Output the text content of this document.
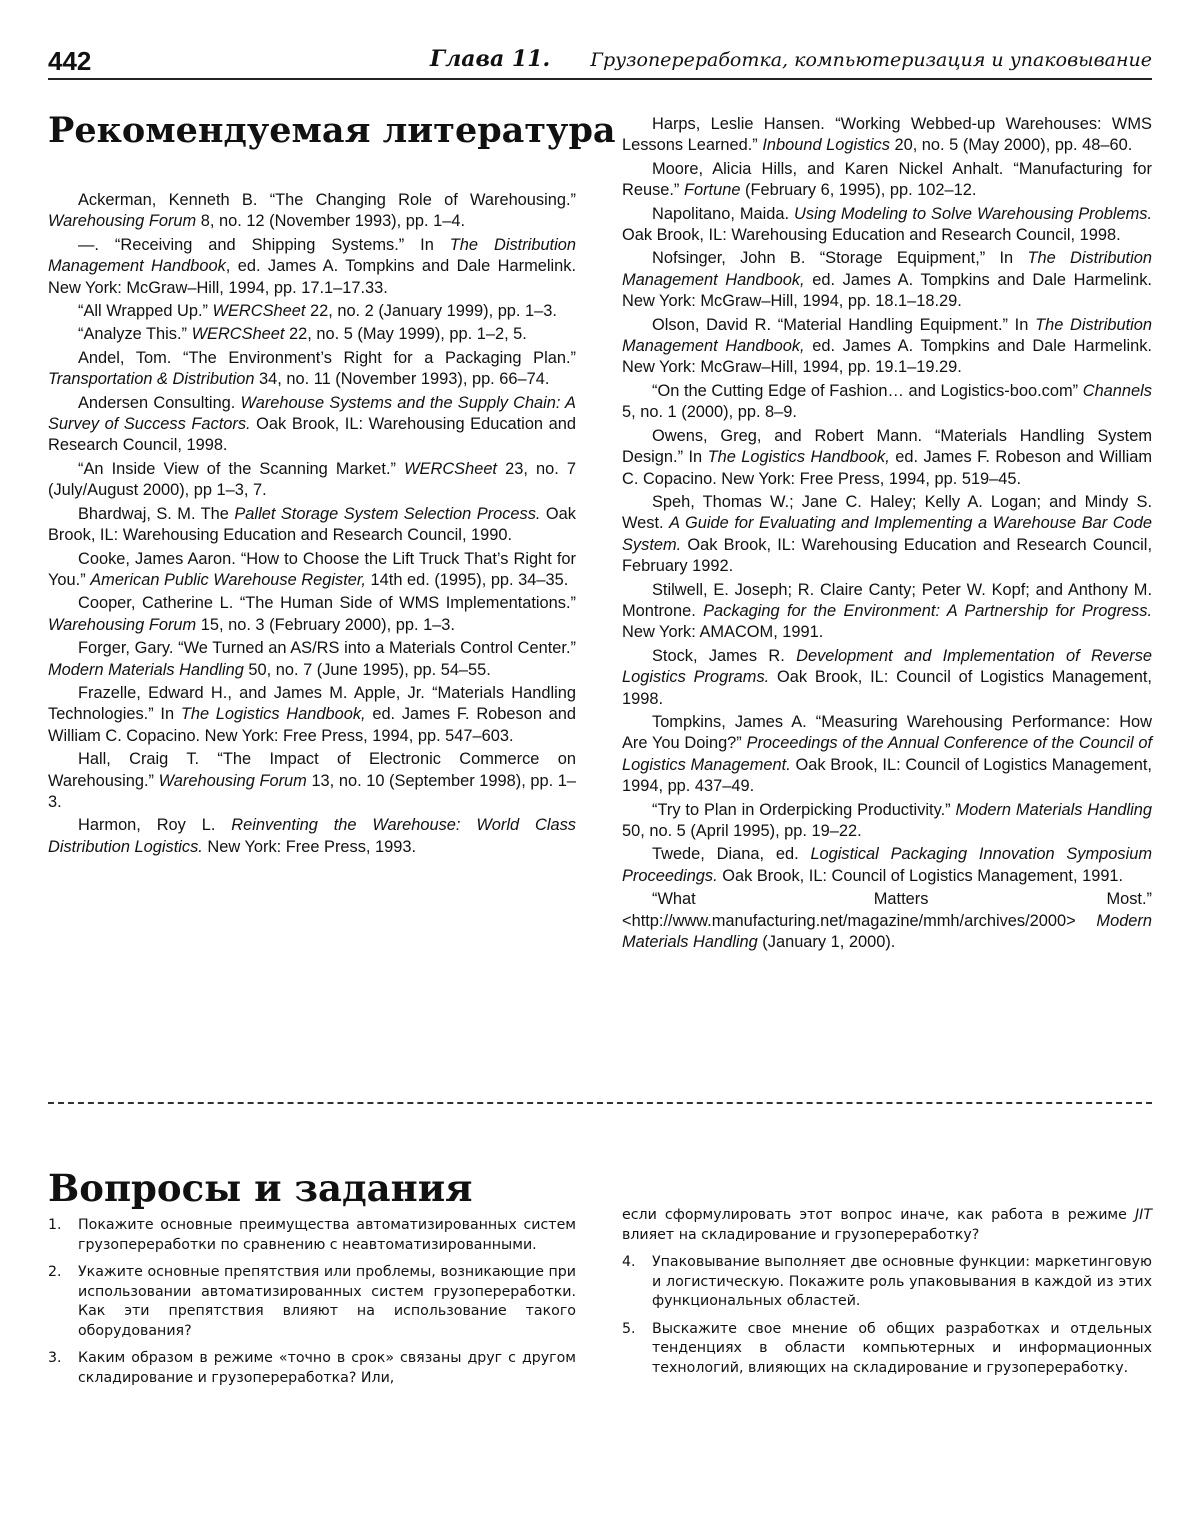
442	Глава 11. Грузопереработка, компьютеризация и упаковывание
Рекомендуемая литература

Ackerman, Kenneth B. “The Changing Role of Warehousing.” Warehousing Forum 8, no. 12 (November 1993), pp. 1–4.

—. “Receiving and Shipping Systems.” In The Distribution Management Handbook, ed. James A. Tompkins and Dale Harmelink. New York: McGraw–Hill, 1994, pp. 17.1–17.33.

“All Wrapped Up.” WERCSheet 22, no. 2 (January 1999), pp. 1–3.

“Analyze This.” WERCSheet 22, no. 5 (May 1999), pp. 1–2, 5.

Andel, Tom. “The Environment’s Right for a Packaging Plan.” Transportation & Distribution 34, no. 11 (November 1993), pp. 66–74.

Andersen Consulting. Warehouse Systems and the Supply Chain: A Survey of Success Factors. Oak Brook, IL: Warehousing Education and Research Council, 1998.

“An Inside View of the Scanning Market.” WERCSheet 23, no. 7 (July/August 2000), pp 1–3, 7.

Bhardwaj, S. M. The Pallet Storage System Selection Process. Oak Brook, IL: Warehousing Education and Research Council, 1990.

Cooke, James Aaron. “How to Choose the Lift Truck That’s Right for You.” American Public Warehouse Register, 14th ed. (1995), pp. 34–35.

Cooper, Catherine L. “The Human Side of WMS Implementations.” Warehousing Forum 15, no. 3 (February 2000), pp. 1–3.

Forger, Gary. “We Turned an AS/RS into a Materials Control Center.” Modern Materials Handling 50, no. 7 (June 1995), pp. 54–55.

Frazelle, Edward H., and James M. Apple, Jr. “Materials Handling Technologies.” In The Logistics Handbook, ed. James F. Robeson and William C. Copacino. New York: Free Press, 1994, pp. 547–603.

Hall, Craig T. “The Impact of Electronic Commerce on Warehousing.” Warehousing Forum 13, no. 10 (September 1998), pp. 1–3.

Harmon, Roy L. Reinventing the Warehouse: World Class Distribution Logistics. New York: Free Press, 1993.

Harps, Leslie Hansen. “Working Webbed-up Warehouses: WMS Lessons Learned.” Inbound Logistics 20, no. 5 (May 2000), pp. 48–60.

Moore, Alicia Hills, and Karen Nickel Anhalt. “Manufacturing for Reuse.” Fortune (February 6, 1995), pp. 102–12.

Napolitano, Maida. Using Modeling to Solve Warehousing Problems. Oak Brook, IL: Warehousing Education and Research Council, 1998.

Nofsinger, John B. “Storage Equipment,” In The Distribution Management Handbook, ed. James A. Tompkins and Dale Harmelink. New York: McGraw–Hill, 1994, pp. 18.1–18.29.

Olson, David R. “Material Handling Equipment.” In The Distribution Management Handbook, ed. James A. Tompkins and Dale Harmelink. New York: McGraw–Hill, 1994, pp. 19.1–19.29.

“On the Cutting Edge of Fashion… and Logistics-boo.com” Channels 5, no. 1 (2000), pp. 8–9.

Owens, Greg, and Robert Mann. “Materials Handling System Design.” In The Logistics Handbook, ed. James F. Robeson and William C. Copacino. New York: Free Press, 1994, pp. 519–45.

Speh, Thomas W.; Jane C. Haley; Kelly A. Logan; and Mindy S. West. A Guide for Evaluating and Implementing a Warehouse Bar Code System. Oak Brook, IL: Warehousing Education and Research Council, February 1992.

Stilwell, E. Joseph; R. Claire Canty; Peter W. Kopf; and Anthony M. Montrone. Packaging for the Environment: A Partnership for Progress. New York: AMACOM, 1991.

Stock, James R. Development and Implementation of Reverse Logistics Programs. Oak Brook, IL: Council of Logistics Management, 1998.

Tompkins, James A. “Measuring Warehousing Performance: How Are You Doing?” Proceedings of the Annual Conference of the Council of Logistics Management. Oak Brook, IL: Council of Logistics Management, 1994, pp. 437–49.

“Try to Plan in Orderpicking Productivity.” Modern Materials Handling 50, no. 5 (April 1995), pp. 19–22.

Twede, Diana, ed. Logistical Packaging Innovation Symposium Proceedings. Oak Brook, IL: Council of Logistics Management, 1991.

“What Matters Most.” <http://www.manufacturing.net/magazine/mmh/archives/2000> Modern Materials Handling (January 1, 2000).

Вопросы и задания
1.	Покажите основные преимущества автоматизированных систем грузопереработки по сравнению с неавтоматизированными.
2.	Укажите основные препятствия или проблемы, возникающие при использовании автоматизированных систем грузопереработки. Как эти препятствия влияют на использование такого оборудования?
3.	Каким образом в режиме «точно в срок» связаны друг с другом складирование и грузопереработка? Или,

если сформулировать этот вопрос иначе, как работа в режиме JIT влияет на складирование и грузопереработку?

4.	Упаковывание выполняет две основные функции: маркетинговую и логистическую. Покажите роль упаковывания в каждой из этих функциональных областей.
5.	Выскажите свое мнение об общих разработках и отдельных тенденциях в области компьютерных и информационных технологий, влияющих на складирование и грузопереработку.
